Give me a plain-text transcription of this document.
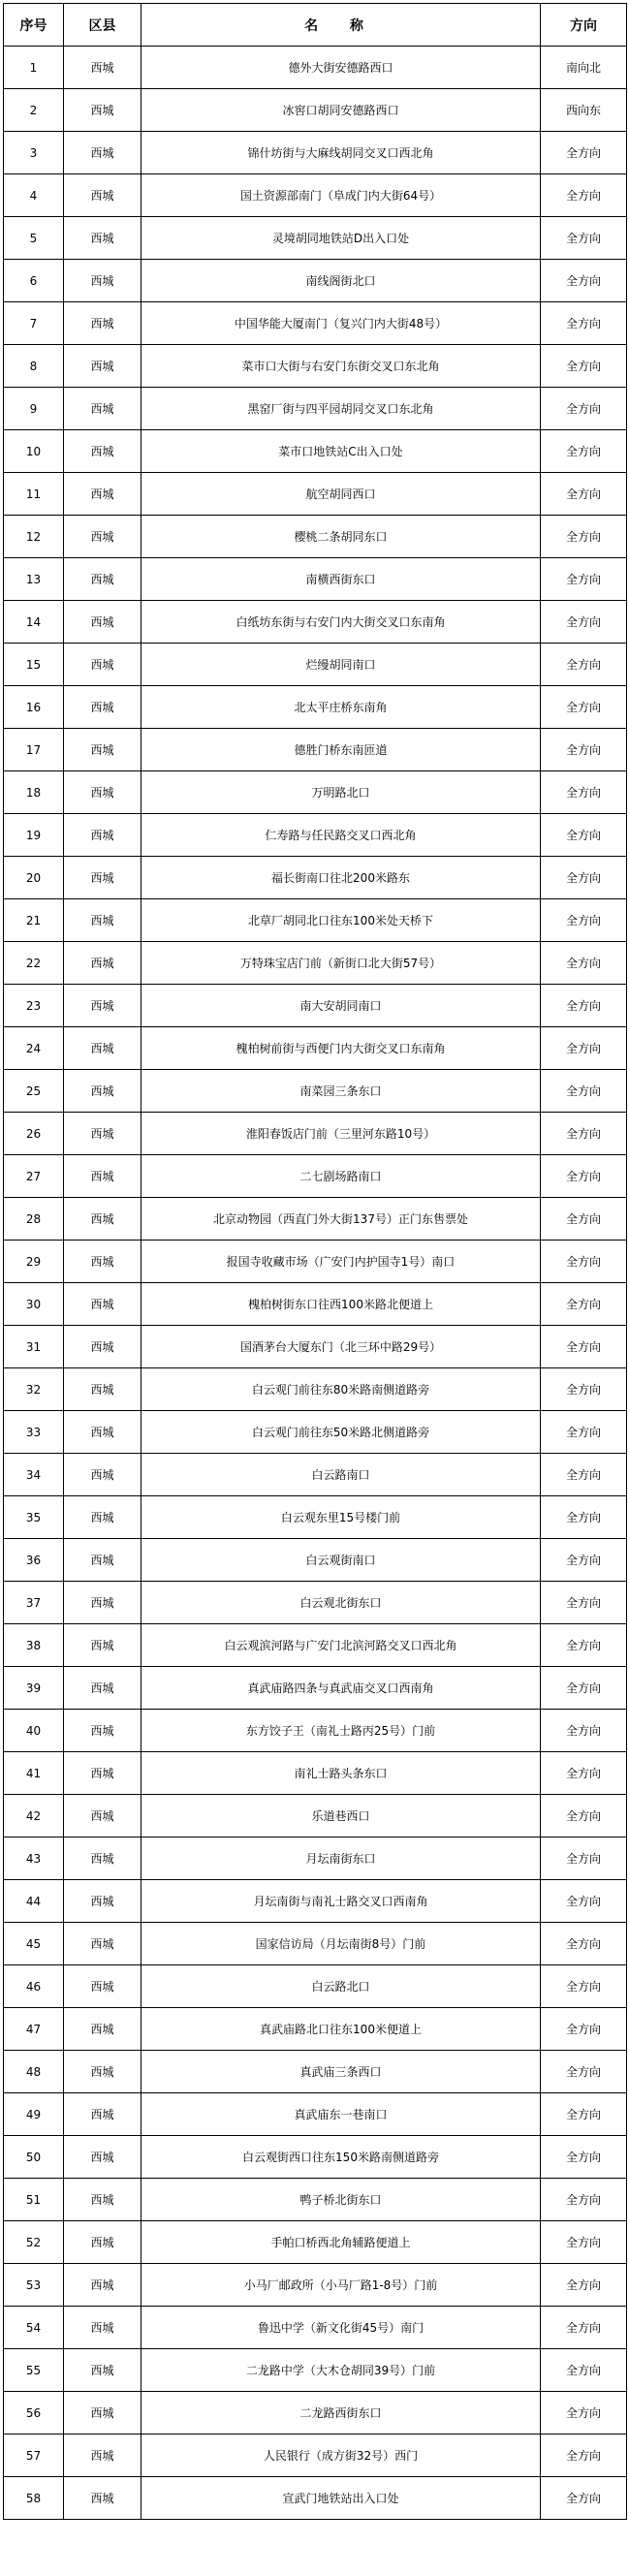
序号	区县	名 称	方向
1	西城	德外大街安德路西口	南向北
2	西城	冰窖口胡同安德路西口	西向东
3	西城	锦什坊街与大麻线胡同交叉口西北角	全方向
4	西城	国土资源部南门（阜成门内大街64号）	全方向
5	西城	灵境胡同地铁站D出入口处	全方向
6	西城	南线阁街北口	全方向
7	西城	中国华能大厦南门（复兴门内大街48号）	全方向
8	西城	菜市口大街与右安门东街交叉口东北角	全方向
9	西城	黑窑厂街与四平园胡同交叉口东北角	全方向
10	西城	菜市口地铁站C出入口处	全方向
11	西城	航空胡同西口	全方向
12	西城	樱桃二条胡同东口	全方向
13	西城	南横西街东口	全方向
14	西城	白纸坊东街与右安门内大街交叉口东南角	全方向
15	西城	烂缦胡同南口	全方向
16	西城	北太平庄桥东南角	全方向
17	西城	德胜门桥东南匝道	全方向
18	西城	万明路北口	全方向
19	西城	仁寿路与任民路交叉口西北角	全方向
20	西城	福长街南口往北200米路东	全方向
21	西城	北草厂胡同北口往东100米处天桥下	全方向
22	西城	万特珠宝店门前（新街口北大街57号）	全方向
23	西城	南大安胡同南口	全方向
24	西城	槐柏树前街与西便门内大街交叉口东南角	全方向
25	西城	南菜园三条东口	全方向
26	西城	淮阳春饭店门前（三里河东路10号）	全方向
27	西城	二七剧场路南口	全方向
28	西城	北京动物园（西直门外大街137号）正门东售票处	全方向
29	西城	报国寺收藏市场（广安门内护国寺1号）南口	全方向
30	西城	槐柏树街东口往西100米路北便道上	全方向
31	西城	国酒茅台大厦东门（北三环中路29号）	全方向
32	西城	白云观门前往东80米路南侧道路旁	全方向
33	西城	白云观门前往东50米路北侧道路旁	全方向
34	西城	白云路南口	全方向
35	西城	白云观东里15号楼门前	全方向
36	西城	白云观街南口	全方向
37	西城	白云观北街东口	全方向
38	西城	白云观滨河路与广安门北滨河路交叉口西北角	全方向
39	西城	真武庙路四条与真武庙交叉口西南角	全方向
40	西城	东方饺子王（南礼士路丙25号）门前	全方向
41	西城	南礼士路头条东口	全方向
42	西城	乐道巷西口	全方向
43	西城	月坛南街东口	全方向
44	西城	月坛南街与南礼士路交叉口西南角	全方向
45	西城	国家信访局（月坛南街8号）门前	全方向
46	西城	白云路北口	全方向
47	西城	真武庙路北口往东100米便道上	全方向
48	西城	真武庙三条西口	全方向
49	西城	真武庙东一巷南口	全方向
50	西城	白云观街西口往东150米路南侧道路旁	全方向
51	西城	鸭子桥北街东口	全方向
52	西城	手帕口桥西北角辅路便道上	全方向
53	西城	小马厂邮政所（小马厂路1-8号）门前	全方向
54	西城	鲁迅中学（新文化街45号）南门	全方向
55	西城	二龙路中学（大木仓胡同39号）门前	全方向
56	西城	二龙路西街东口	全方向
57	西城	人民银行（成方街32号）西门	全方向
58	西城	宣武门地铁站出入口处	全方向
